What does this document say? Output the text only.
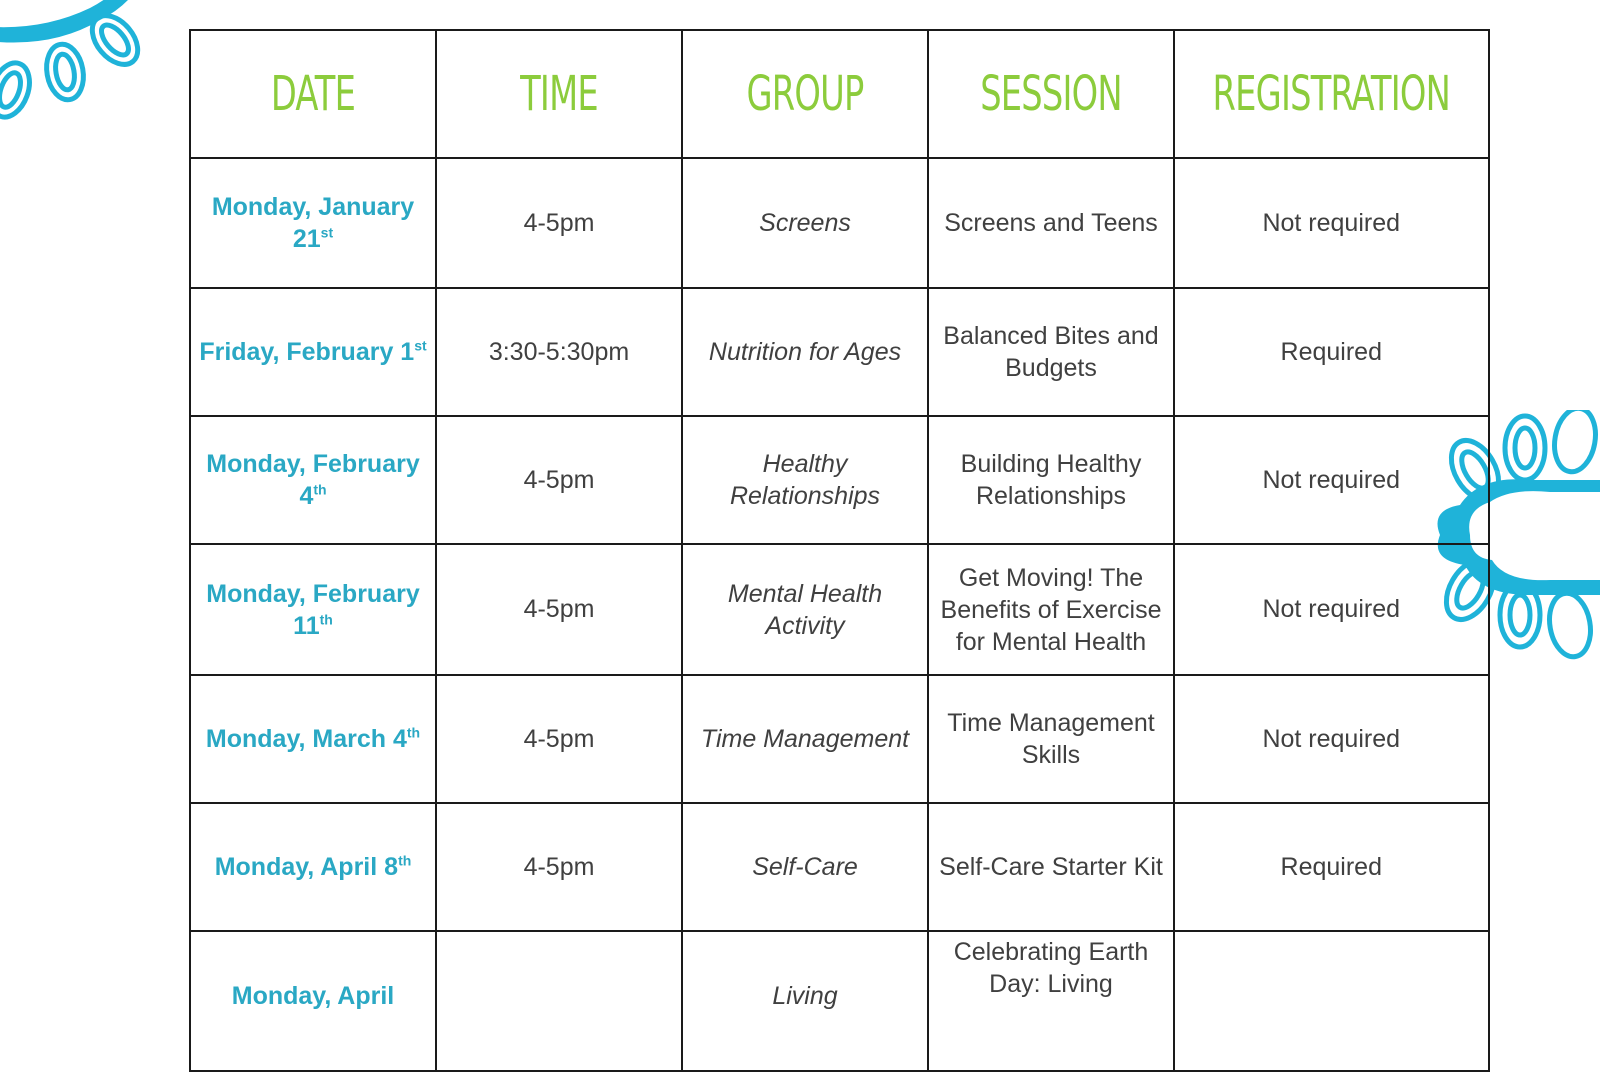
DATE	TIME	GROUP	SESSION	REGISTRATION
Monday, January 21st	4-5pm	Screens	Screens and Teens	Not required
Friday, February 1st	3:30-5:30pm	Nutrition for Ages	Balanced Bites and Budgets	Required
Monday, February 4th	4-5pm	Healthy Relationships	Building Healthy Relationships	Not required
Monday, February 11th	4-5pm	Mental Health Activity	Get Moving! The Benefits of Exercise for Mental Health	Not required
Monday, March 4th	4-5pm	Time Management	Time Management Skills	Not required
Monday, April 8th	4-5pm	Self-Care	Self-Care Starter Kit	Required
Monday, April		Living	Celebrating Earth Day: Living	
